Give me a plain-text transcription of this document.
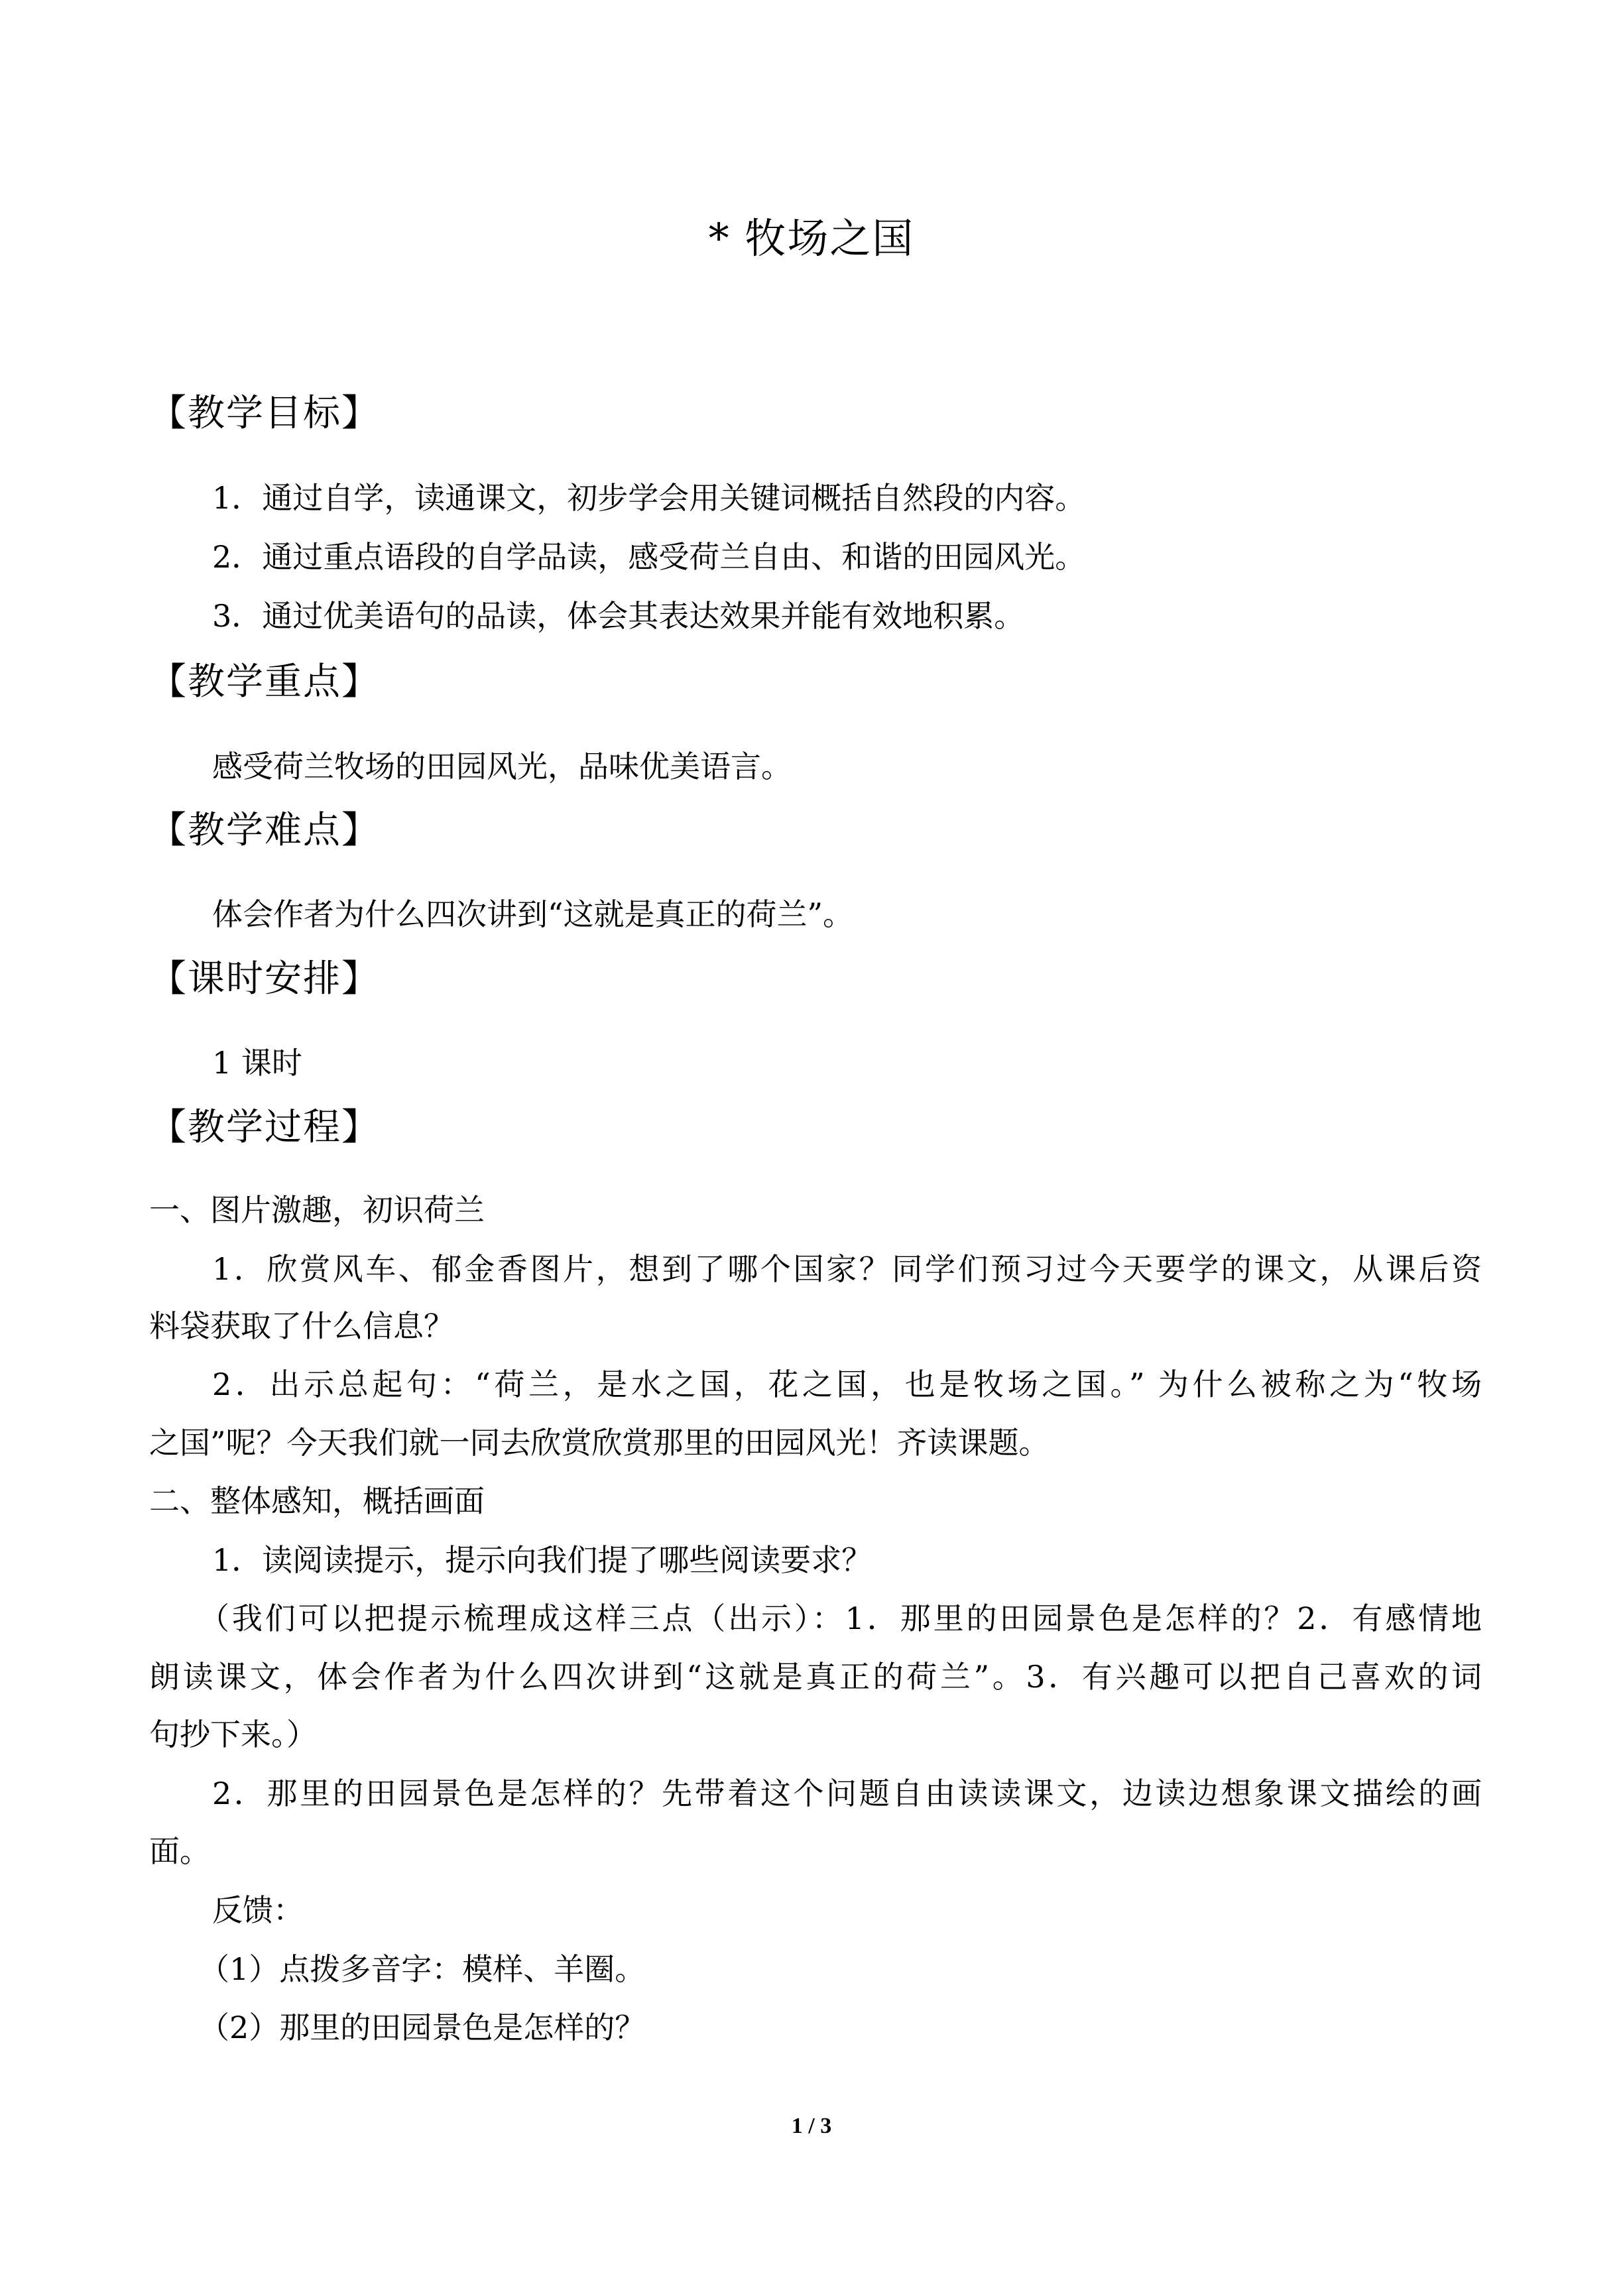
* 牧场之国
【教学目标】
1．通过自学，读通课文，初步学会用关键词概括自然段的内容。
2．通过重点语段的自学品读，感受荷兰自由、和谐的田园风光。
3．通过优美语句的品读，体会其表达效果并能有效地积累。
【教学重点】
感受荷兰牧场的田园风光，品味优美语言。
【教学难点】
体会作者为什么四次讲到“这就是真正的荷兰”。
【课时安排】
1 课时
【教学过程】
一、图片激趣，初识荷兰
1．欣赏风车、郁金香图片，想到了哪个国家？同学们预习过今天要学的课文，从课后资
料袋获取了什么信息？
2．出示总起句：“荷兰，是水之国，花之国，也是牧场之国。” 为什么被称之为“牧场
之国”呢？今天我们就一同去欣赏欣赏那里的田园风光！齐读课题。
二、整体感知，概括画面
1．读阅读提示，提示向我们提了哪些阅读要求？
（我们可以把提示梳理成这样三点（出示）：1．那里的田园景色是怎样的？2．有感情地
朗读课文，体会作者为什么四次讲到“这就是真正的荷兰”。3．有兴趣可以把自己喜欢的词
句抄下来。）
2．那里的田园景色是怎样的？先带着这个问题自由读读课文，边读边想象课文描绘的画
面。
反馈：
（1）点拨多音字：模样、羊圈。
（2）那里的田园景色是怎样的？
1 / 3
